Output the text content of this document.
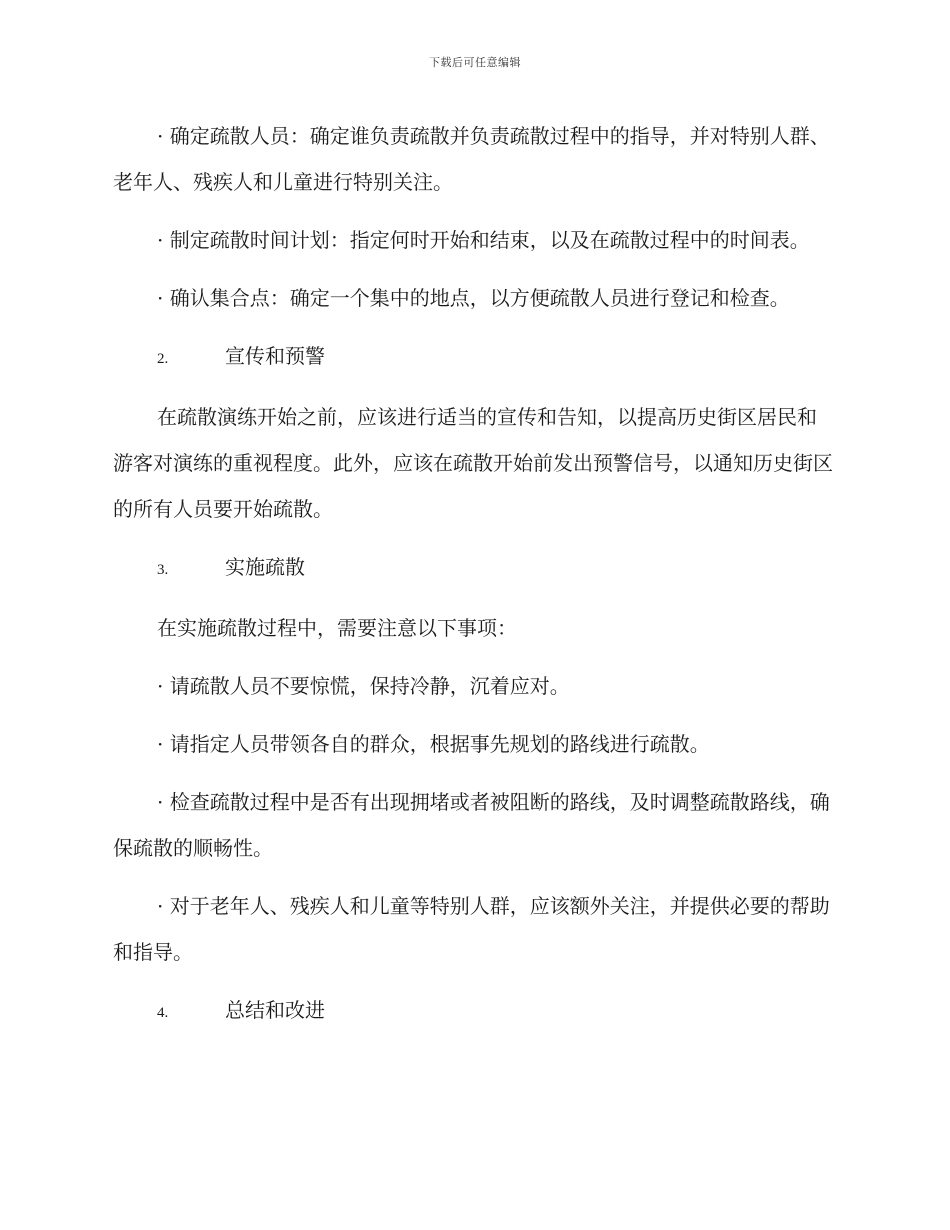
下载后可任意编辑

· 确定疏散人员：确定谁负责疏散并负责疏散过程中的指导，并对特别人群、老年人、残疾人和儿童进行特别关注。

· 制定疏散时间计划：指定何时开始和结束，以及在疏散过程中的时间表。

· 确认集合点：确定一个集中的地点，以方便疏散人员进行登记和检查。

2.	宣传和预警

在疏散演练开始之前，应该进行适当的宣传和告知，以提高历史街区居民和游客对演练的重视程度。此外，应该在疏散开始前发出预警信号，以通知历史街区的所有人员要开始疏散。

3.	实施疏散

在实施疏散过程中，需要注意以下事项：

· 请疏散人员不要惊慌，保持冷静，沉着应对。

· 请指定人员带领各自的群众，根据事先规划的路线进行疏散。

· 检查疏散过程中是否有出现拥堵或者被阻断的路线，及时调整疏散路线，确保疏散的顺畅性。

· 对于老年人、残疾人和儿童等特别人群，应该额外关注，并提供必要的帮助和指导。

4.	总结和改进
